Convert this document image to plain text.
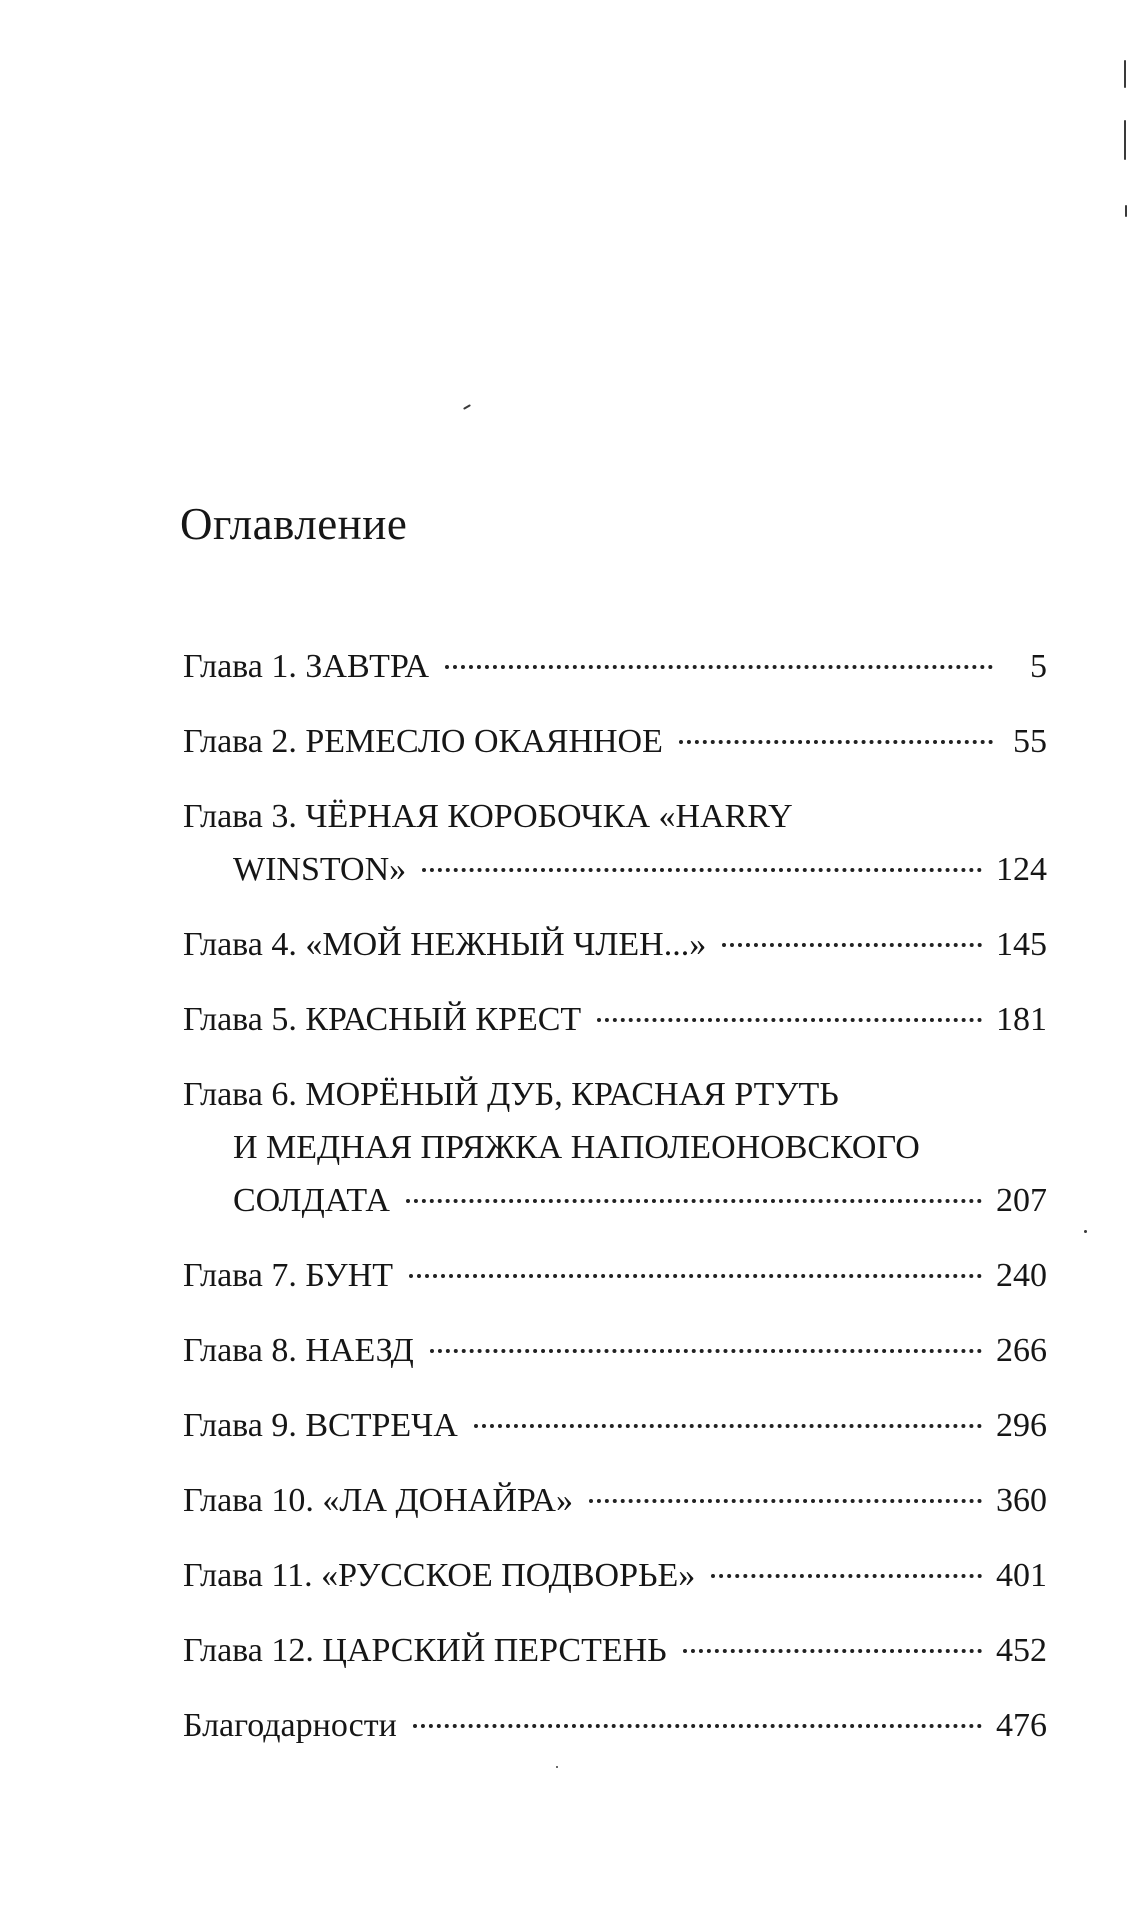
Оглавление
Глава 1. ЗАВТРА	5
Глава 2. РЕМЕСЛО ОКАЯННОЕ	55
Глава 3. ЧЁРНАЯ КОРОБОЧКА «HARRY
WINSTON»	124
Глава 4. «МОЙ НЕЖНЫЙ ЧЛЕН...»	145
Глава 5. КРАСНЫЙ КРЕСТ	181
Глава 6. МОРЁНЫЙ ДУБ, КРАСНАЯ РТУТЬ
И МЕДНАЯ ПРЯЖКА НАПОЛЕОНОВСКОГО
СОЛДАТА	207
Глава 7. БУНТ	240
Глава 8. НАЕЗД	266
Глава 9. ВСТРЕЧА	296
Глава 10. «ЛА ДОНАЙРА»	360
Глава 11. «РУССКОЕ ПОДВОРЬЕ»	401
Глава 12. ЦАРСКИЙ ПЕРСТЕНЬ	452
Благодарности	476
